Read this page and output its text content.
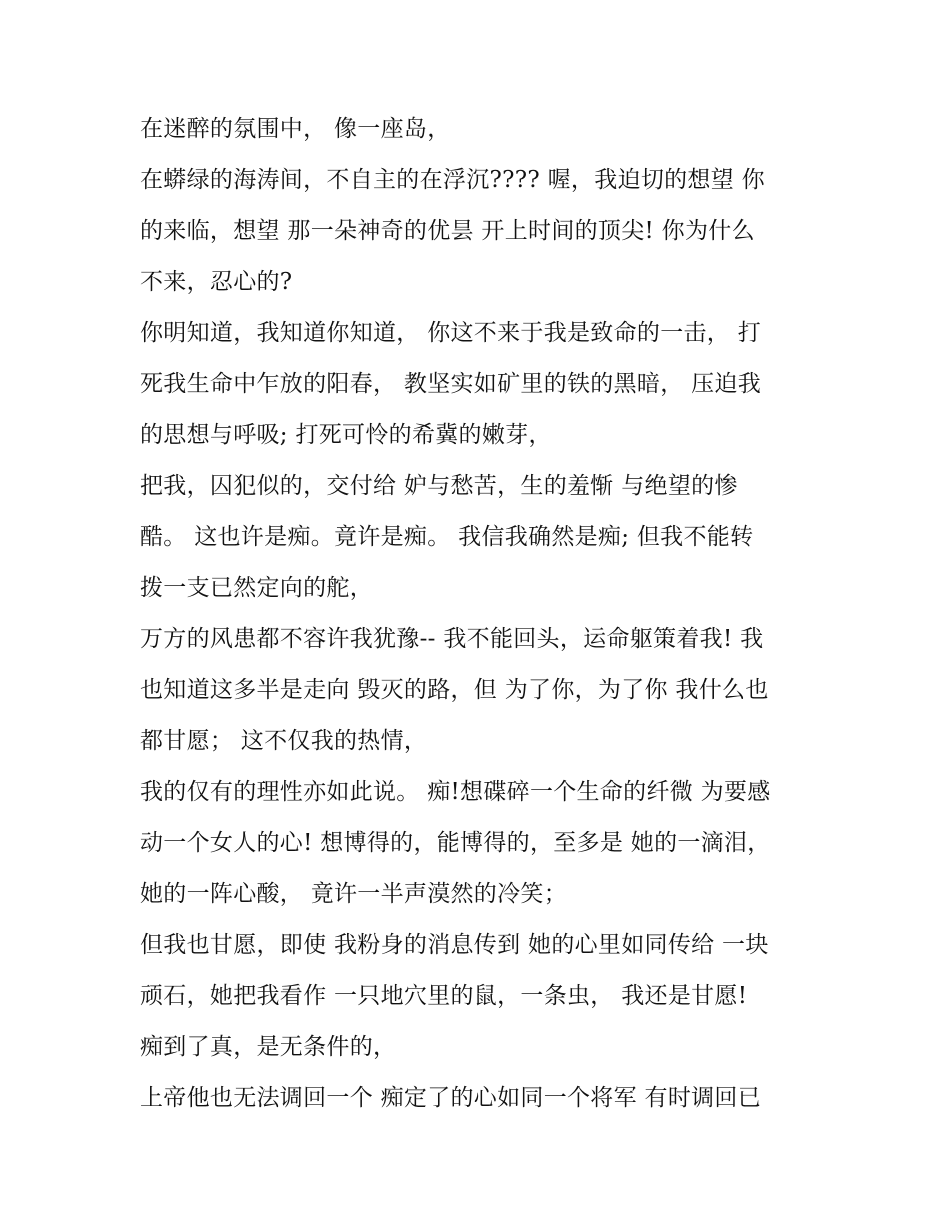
在迷醉的氛围中， 像一座岛，

在蟒绿的海涛间，不自主的在浮沉???? 喔，我迫切的想望 你

的来临，想望 那一朵神奇的优昙 开上时间的顶尖! 你为什么

不来，忍心的?

你明知道，我知道你知道， 你这不来于我是致命的一击， 打

死我生命中乍放的阳春， 教坚实如矿里的铁的黑暗， 压迫我

的思想与呼吸; 打死可怜的希冀的嫩芽，

把我，囚犯似的，交付给 妒与愁苦，生的羞惭 与绝望的惨

酷。 这也许是痴。竟许是痴。 我信我确然是痴; 但我不能转

拨一支已然定向的舵，

万方的风患都不容许我犹豫-- 我不能回头，运命躯策着我! 我

也知道这多半是走向 毁灭的路，但 为了你，为了你 我什么也

都甘愿； 这不仅我的热情，

我的仅有的理性亦如此说。 痴!想碟碎一个生命的纤微 为要感

动一个女人的心! 想博得的，能博得的，至多是 她的一滴泪，

她的一阵心酸， 竟许一半声漠然的冷笑；

但我也甘愿，即使 我粉身的消息传到 她的心里如同传给 一块

顽石，她把我看作 一只地穴里的鼠，一条虫， 我还是甘愿!

痴到了真，是无条件的，

上帝他也无法调回一个 痴定了的心如同一个将军 有时调回已
